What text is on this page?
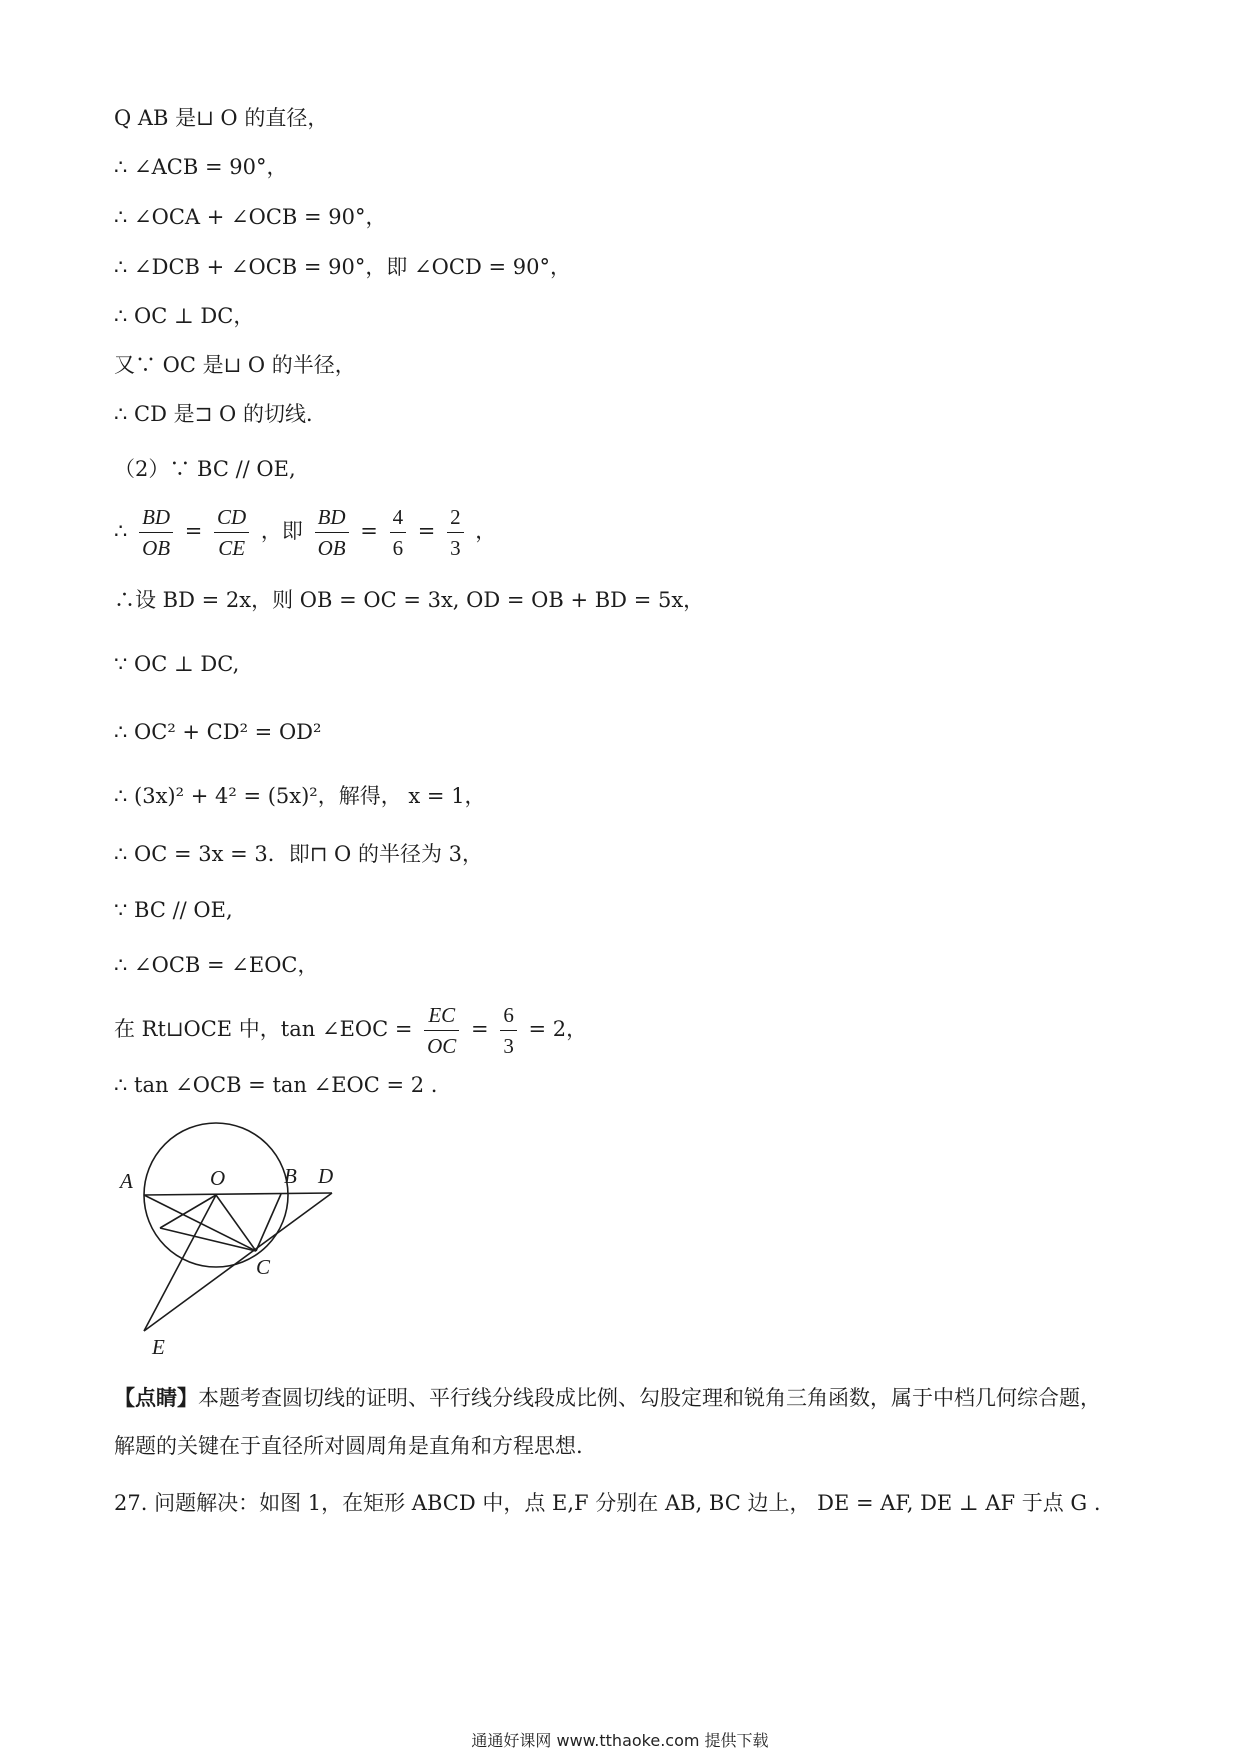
Q AB 是⊔ O 的直径，
∴ ∠ACB = 90°，
∴ ∠OCA + ∠OCB = 90°，
∴ ∠DCB + ∠OCB = 90°，即 ∠OCD = 90°，
∴ OC ⊥ DC，
又∵ OC 是⊔ O 的半径，
∴ CD 是⊐ O 的切线．
（2）∵ BC // OE,
∴ $\frac{BD}{OB} = \frac{CD}{CE}$ ，即 $\frac{BD}{OB} = \frac{4}{6} = \frac{2}{3}$ ，
∴设 BD = 2x，则 OB = OC = 3x, OD = OB + BD = 5x，
∵ OC ⊥ DC,
∴ OC² + CD² = OD²
∴ (3x)² + 4² = (5x)²，解得， x = 1，
∴ OC = 3x = 3．即⊓ O 的半径为 3，
∵ BC // OE,
∴ ∠OCB = ∠EOC，
在 Rt⊔OCE 中，tan ∠EOC = $\frac{EC}{OC} = \frac{6}{3} = 2$，
∴ tan ∠OCB = tan ∠EOC = 2 .
A	O	B D
C
E
【点睛】本题考查圆切线的证明、平行线分线段成比例、勾股定理和锐角三角函数，属于中档几何综合题，
解题的关键在于直径所对圆周角是直角和方程思想.
27. 问题解决：如图 1，在矩形 ABCD 中，点 E,F 分别在 AB, BC 边上， DE = AF, DE ⊥ AF 于点 G .
通通好课网 www.tthaoke.com 提供下载
